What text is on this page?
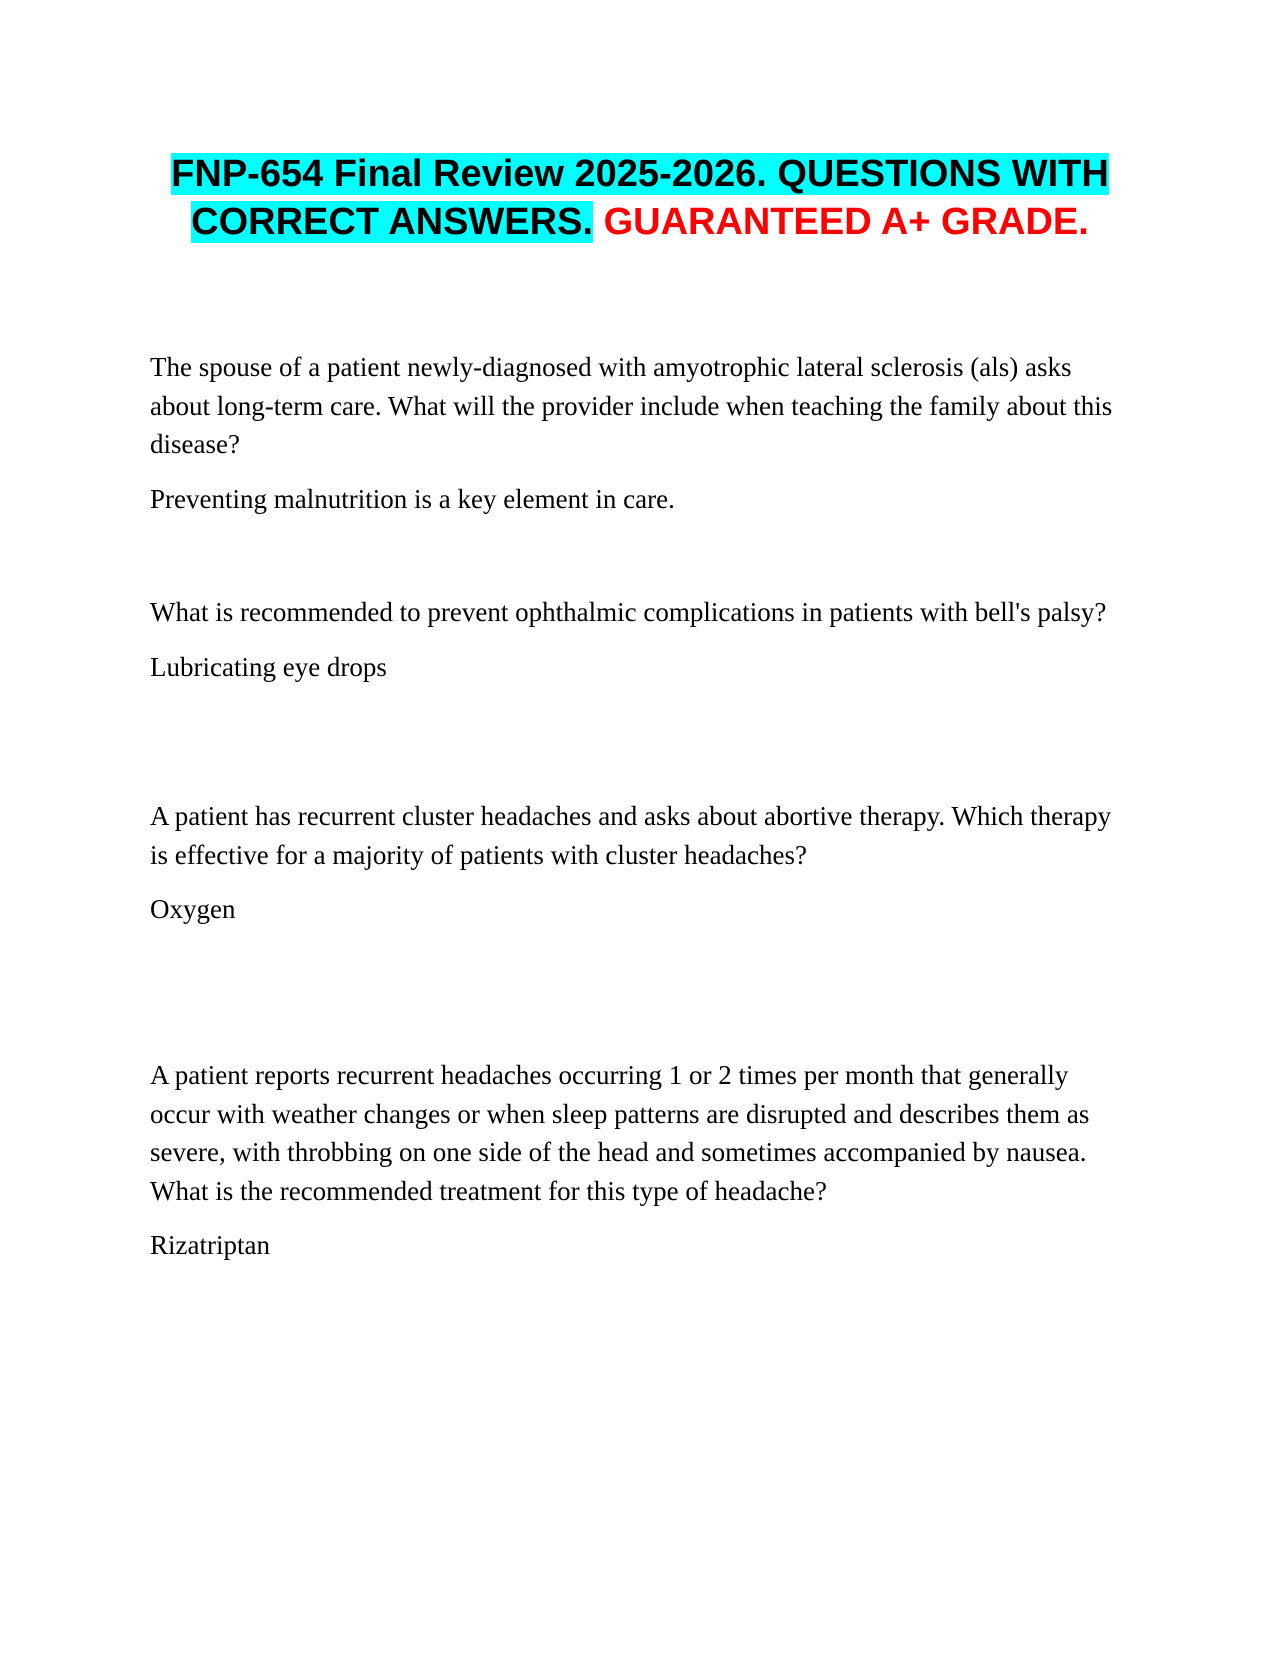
FNP-654 Final Review 2025-2026. QUESTIONS WITH CORRECT ANSWERS. GUARANTEED A+ GRADE.

The spouse of a patient newly-diagnosed with amyotrophic lateral sclerosis (als) asks about long-term care. What will the provider include when teaching the family about this disease?

Preventing malnutrition is a key element in care.

What is recommended to prevent ophthalmic complications in patients with bell's palsy?

Lubricating eye drops

A patient has recurrent cluster headaches and asks about abortive therapy. Which therapy is effective for a majority of patients with cluster headaches?

Oxygen

A patient reports recurrent headaches occurring 1 or 2 times per month that generally occur with weather changes or when sleep patterns are disrupted and describes them as severe, with throbbing on one side of the head and sometimes accompanied by nausea. What is the recommended treatment for this type of headache?

Rizatriptan
